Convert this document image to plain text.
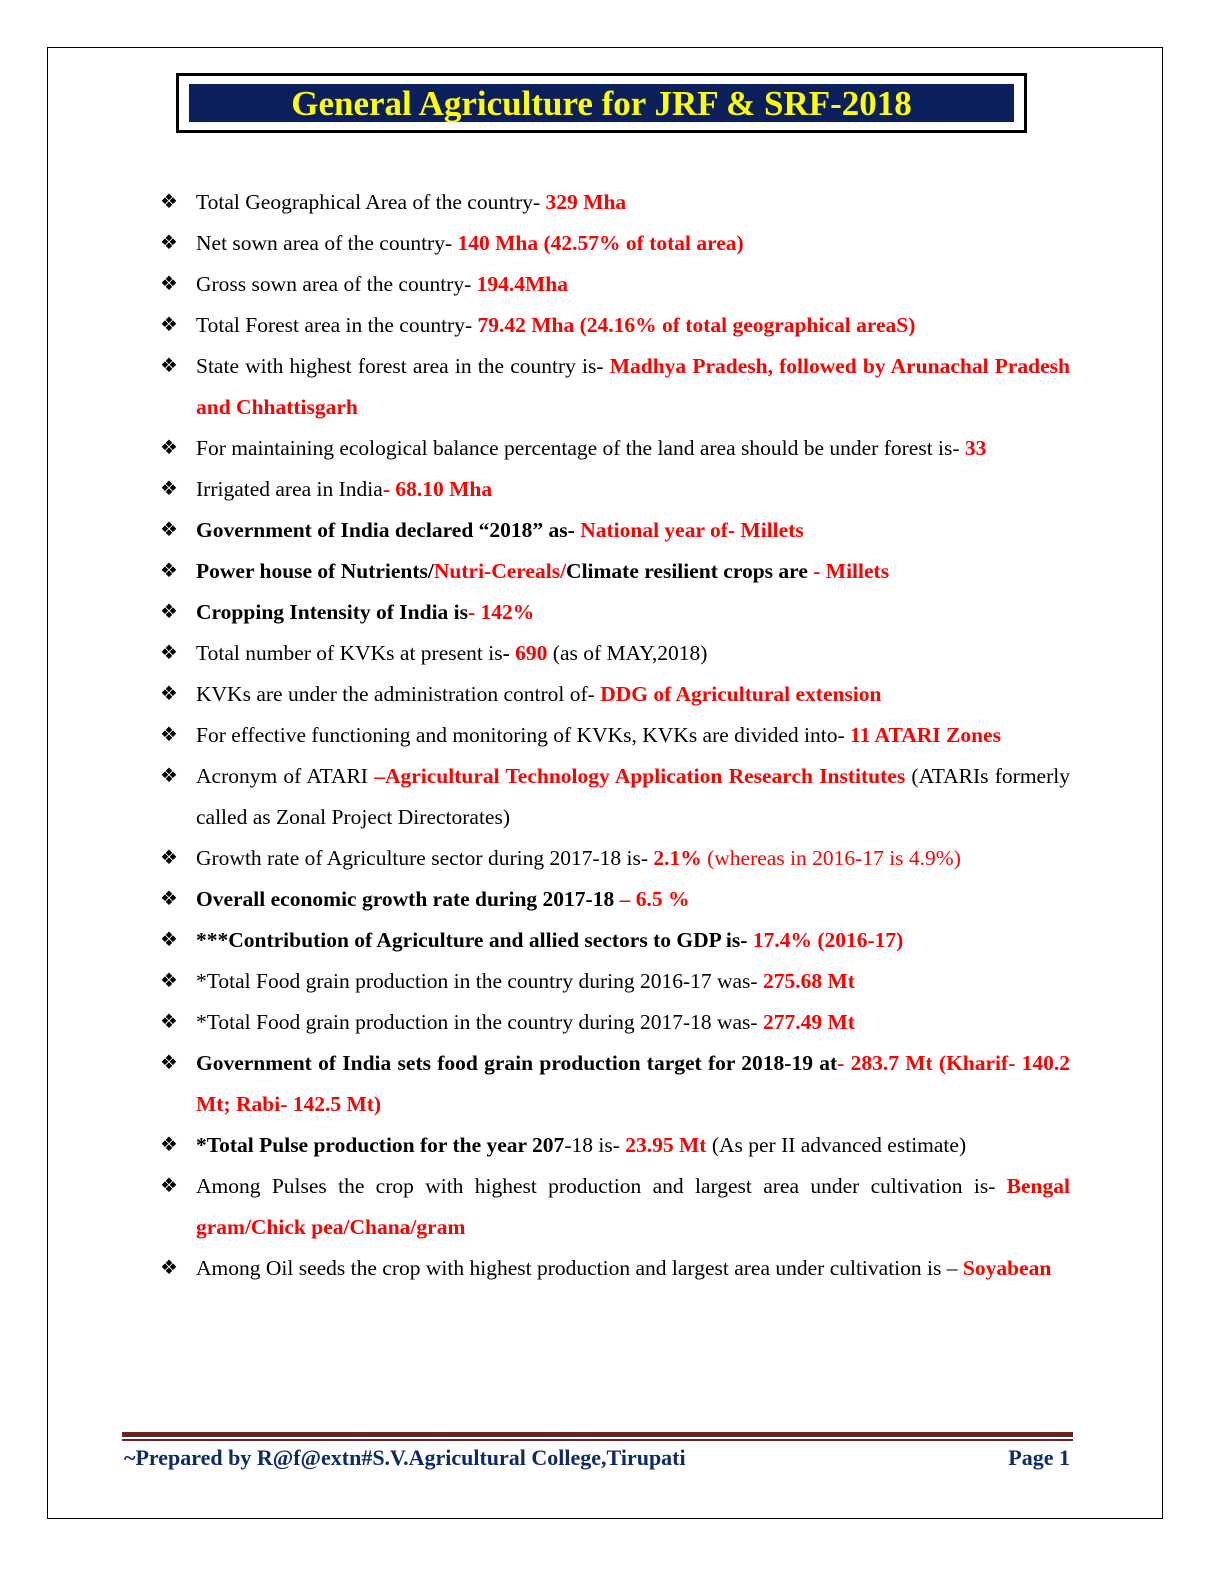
General Agriculture for JRF & SRF-2018
❖ Total Geographical Area of the country- 329 Mha
❖ Net sown area of the country- 140 Mha (42.57% of total area)
❖ Gross sown area of the country- 194.4Mha
❖ Total Forest area in the country- 79.42 Mha (24.16% of total geographical areaS)
❖ State with highest forest area in the country is- Madhya Pradesh, followed by Arunachal Pradesh and Chhattisgarh
❖ For maintaining ecological balance percentage of the land area should be under forest is- 33
❖ Irrigated area in India- 68.10 Mha
❖ Government of India declared “2018” as- National year of- Millets
❖ Power house of Nutrients/Nutri-Cereals/Climate resilient crops are - Millets
❖ Cropping Intensity of India is- 142%
❖ Total number of KVKs at present is- 690 (as of MAY,2018)
❖ KVKs are under the administration control of- DDG of Agricultural extension
❖ For effective functioning and monitoring of KVKs, KVKs are divided into- 11 ATARI Zones
❖ Acronym of ATARI –Agricultural Technology Application Research Institutes (ATARIs formerly called as Zonal Project Directorates)
❖ Growth rate of Agriculture sector during 2017-18 is- 2.1% (whereas in 2016-17 is 4.9%)
❖ Overall economic growth rate during 2017-18 – 6.5 %
❖ ***Contribution of Agriculture and allied sectors to GDP is- 17.4% (2016-17)
❖ *Total Food grain production in the country during 2016-17 was- 275.68 Mt
❖ *Total Food grain production in the country during 2017-18 was- 277.49 Mt
❖ Government of India sets food grain production target for 2018-19 at- 283.7 Mt (Kharif- 140.2 Mt; Rabi- 142.5 Mt)
❖ *Total Pulse production for the year 207-18 is- 23.95 Mt (As per II advanced estimate)
❖ Among Pulses the crop with highest production and largest area under cultivation is- Bengal gram/Chick pea/Chana/gram
❖ Among Oil seeds the crop with highest production and largest area under cultivation is – Soyabean
~Prepared by R@f@extn#S.V.Agricultural College,Tirupati	Page 1
